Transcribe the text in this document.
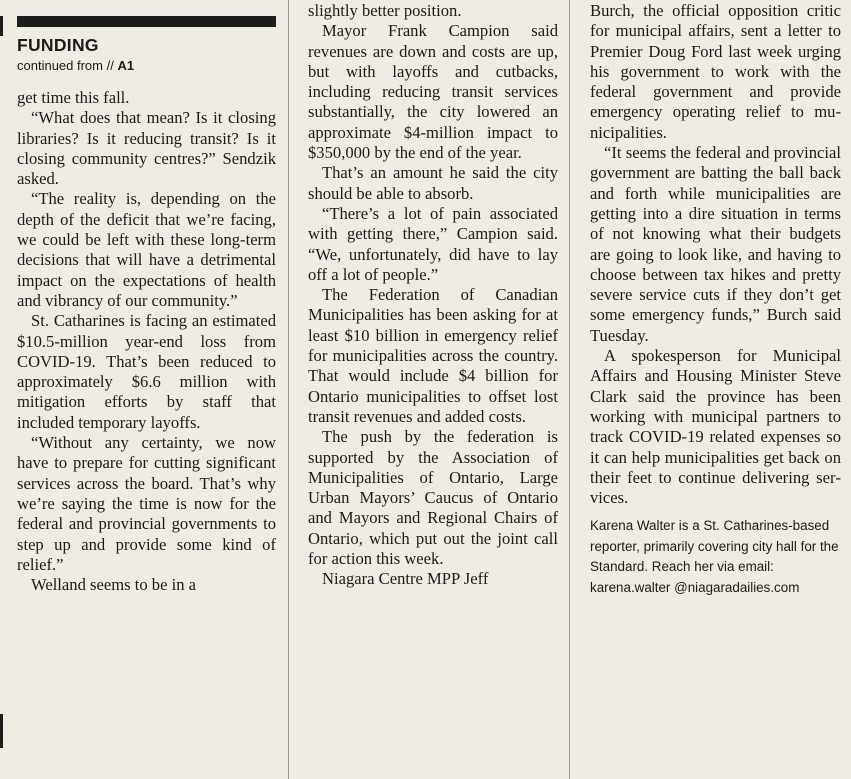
FUNDING
continued from // A1

get time this fall.

“What does that mean? Is it closing libraries? Is it reducing transit? Is it closing community centres?” Sendzik asked.

“The reality is, depending on the depth of the deficit that we’re facing, we could be left with these long-term decisions that will have a detrimental impact on the expectations of health and vibrancy of our community.”

St. Catharines is facing an estimated $10.5-million year-end loss from COVID-19. That’s been reduced to approximately $6.6 million with mitigation efforts by staff that included temporary layoffs.

“Without any certainty, we now have to prepare for cutting significant services across the board. That’s why we’re saying the time is now for the federal and provincial governments to step up and provide some kind of relief.”

Welland seems to be in a

slightly better position.

Mayor Frank Campion said revenues are down and costs are up, but with layoffs and cutbacks, including reducing transit services substantially, the city lowered an approximate $4-million impact to $350,000 by the end of the year.

That’s an amount he said the city should be able to absorb.

“There’s a lot of pain associated with getting there,” Campion said. “We, unfortunately, did have to lay off a lot of people.”

The Federation of Canadian Municipalities has been asking for at least $10 billion in emergency relief for municipalities across the country. That would include $4 billion for Ontario municipalities to offset lost transit revenues and added costs.

The push by the federation is supported by the Association of Municipalities of Ontario, Large Urban Mayors’ Caucus of Ontario and Mayors and Regional Chairs of Ontario, which put out the joint call for action this week.

Niagara Centre MPP Jeff

Burch, the official opposition critic for municipal affairs, sent a letter to Premier Doug Ford last week urging his government to work with the federal government and provide emergency operating relief to municipalities.

“It seems the federal and provincial government are batting the ball back and forth while municipalities are getting into a dire situation in terms of not knowing what their budgets are going to look like, and having to choose between tax hikes and pretty severe service cuts if they don’t get some emergency funds,” Burch said Tuesday.

A spokesperson for Municipal Affairs and Housing Minister Steve Clark said the province has been working with municipal partners to track COVID-19 related expenses so it can help municipalities get back on their feet to continue delivering services.

Karena Walter is a St. Catharines-based reporter, primarily covering city hall for the Standard. Reach her via email: karena.walter @niagaradailies.com
